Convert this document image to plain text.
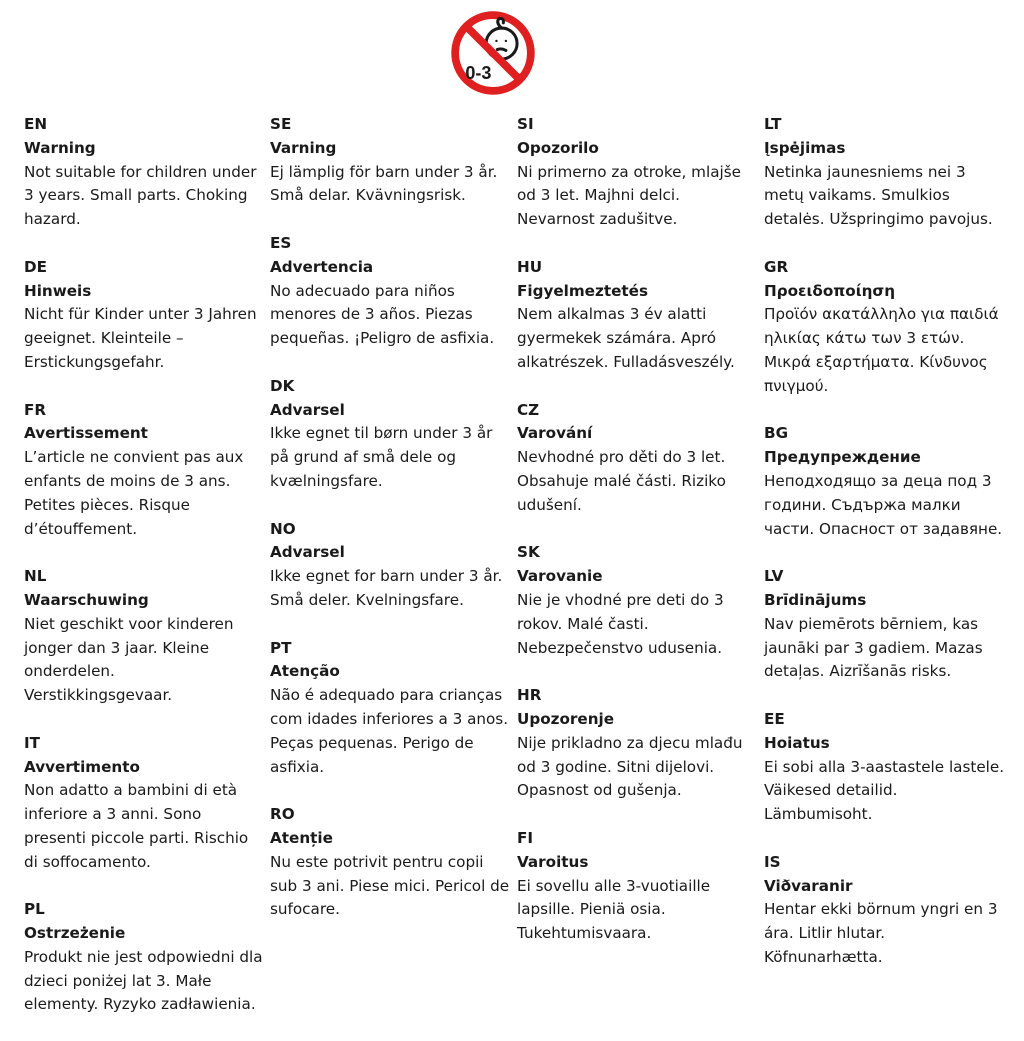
0-3
EN
Warning
Not suitable for children under 3 years. Small parts. Choking hazard.
DE
Hinweis
Nicht für Kinder unter 3 Jahren geeignet. Kleinteile – Erstickungsgefahr.
FR
Avertissement
L’article ne convient pas aux enfants de moins de 3 ans. Petites pièces. Risque d’étouffement.
NL
Waarschuwing
Niet geschikt voor kinderen jonger dan 3 jaar. Kleine onderdelen. Verstikkingsgevaar.
IT
Avvertimento
Non adatto a bambini di età inferiore a 3 anni. Sono presenti piccole parti. Rischio di soffocamento.
PL
Ostrzeżenie
Produkt nie jest odpowiedni dla dzieci poniżej lat 3. Małe elementy. Ryzyko zadławienia.
SE
Varning
Ej lämplig för barn under 3 år. Små delar. Kvävningsrisk.
ES
Advertencia
No adecuado para niños menores de 3 años. Piezas pequeñas. ¡Peligro de asfixia.
DK
Advarsel
Ikke egnet til børn under 3 år på grund af små dele og kvælningsfare.
NO
Advarsel
Ikke egnet for barn under 3 år. Små deler. Kvelningsfare.
PT
Atenção
Não é adequado para crianças com idades inferiores a 3 anos. Peças pequenas. Perigo de asfixia.
RO
Atenție
Nu este potrivit pentru copii sub 3 ani. Piese mici. Pericol de sufocare.
SI
Opozorilo
Ni primerno za otroke, mlajše od 3 let. Majhni delci. Nevarnost zadušitve.
HU
Figyelmeztetés
Nem alkalmas 3 év alatti gyermekek számára. Apró alkatrészek. Fulladásveszély.
CZ
Varování
Nevhodné pro děti do 3 let. Obsahuje malé části. Riziko udušení.
SK
Varovanie
Nie je vhodné pre deti do 3 rokov. Malé časti. Nebezpečenstvo udusenia.
HR
Upozorenje
Nije prikladno za djecu mlađu od 3 godine. Sitni dijelovi. Opasnost od gušenja.
FI
Varoitus
Ei sovellu alle 3-vuotiaille lapsille. Pieniä osia. Tukehtumisvaara.
LT
Įspėjimas
Netinka jaunesniems nei 3 metų vaikams. Smulkios detalės. Užspringimo pavojus.
GR
Προειδοποίηση
Προϊόν ακατάλληλο για παιδιά ηλικίας κάτω των 3 ετών. Μικρά εξαρτήματα. Κίνδυνος πνιγμού.
BG
Предупреждение
Неподходящо за деца под 3 години. Съдържа малки части. Опасност от задавяне.
LV
Brīdinājums
Nav piemērots bērniem, kas jaunāki par 3 gadiem. Mazas detaļas. Aizrīšanās risks.
EE
Hoiatus
Ei sobi alla 3-aastastele lastele. Väikesed detailid. Lämbumisoht.
IS
Viðvaranir
Hentar ekki börnum yngri en 3 ára. Litlir hlutar. Köfnunarhætta.
